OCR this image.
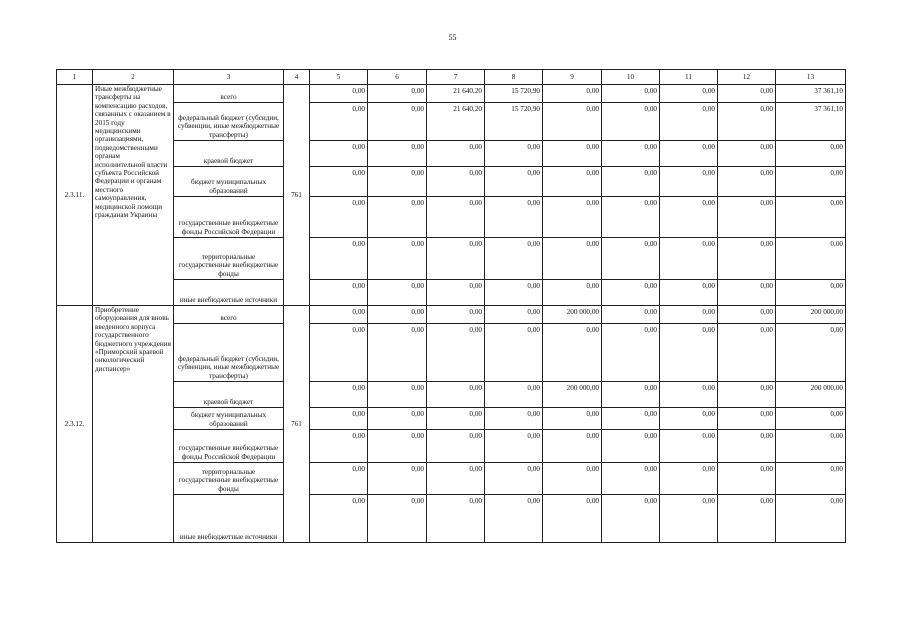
55
1	2	3	4	5	6	7	8	9	10	11	12	13
2.3.11.	Иные межбюджетные трансферты на компенсацию расходов, связанных с оказанием в 2015 году медицинскими организациями, подведомственными органам исполнительной власти субъекта Российской Федерации и органам местного самоуправления, медицинской помощи гражданам Украины	всего	761	0,00	0,00	21 640,20	15 720,90	0,00	0,00	0,00	0,00	37 361,10
		федеральный бюджет (субсидии, субвенции, иные межбюджетные трансферты)		0,00	0,00	21 640,20	15 720,90	0,00	0,00	0,00	0,00	37 361,10
		краевой бюджет		0,00	0,00	0,00	0,00	0,00	0,00	0,00	0,00	0,00
		бюджет муниципальных образований		0,00	0,00	0,00	0,00	0,00	0,00	0,00	0,00	0,00
		государственные внебюджетные фонды Российской Федерации		0,00	0,00	0,00	0,00	0,00	0,00	0,00	0,00	0,00
		территориальные государственные внебюджетные фонды		0,00	0,00	0,00	0,00	0,00	0,00	0,00	0,00	0,00
		иные внебюджетные источники		0,00	0,00	0,00	0,00	0,00	0,00	0,00	0,00	0,00
2.3.12.	Приобретение оборудования для вновь введенного корпуса государственного бюджетного учреждения «Приморский краевой онкологический диспансер»	всего	761	0,00	0,00	0,00	0,00	200 000,00	0,00	0,00	0,00	200 000,00
		федеральный бюджет (субсидии, субвенции, иные межбюджетные трансферты)		0,00	0,00	0,00	0,00	0,00	0,00	0,00	0,00	0,00
		краевой бюджет		0,00	0,00	0,00	0,00	200 000,00	0,00	0,00	0,00	200 000,00
		бюджет муниципальных образований		0,00	0,00	0,00	0,00	0,00	0,00	0,00	0,00	0,00
		государственные внебюджетные фонды Российской Федерации		0,00	0,00	0,00	0,00	0,00	0,00	0,00	0,00	0,00
		территориальные государственные внебюджетные фонды		0,00	0,00	0,00	0,00	0,00	0,00	0,00	0,00	0,00
		иные внебюджетные источники		0,00	0,00	0,00	0,00	0,00	0,00	0,00	0,00	0,00
